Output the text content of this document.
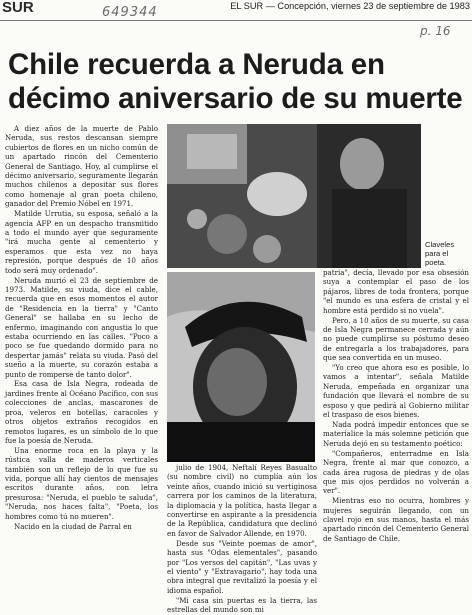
SUR	649344	EL SUR — Concepción, viernes 23 de septiembre de 1983
p. 16
Chile recuerda a Neruda en décimo aniversario de su muerte

A diez años de la muerte de Pablo Neruda, sus restos descansan siempre cubiertos de flores en un nicho común de un apartado rincón del Cementerio General de Santiago. Hoy, al cumplirse el décimo aniversario, seguramente llegarán muchos chilenos a depositar sus flores como homenaje al gran poeta chileno, ganador del Premio Nóbel en 1971.

Matilde Urrutia, su esposa, señaló a la agencia AFP en un despacho transmitido a todo el mundo ayer que seguramente "irá mucha gente al cementerio y esperamos que esta vez no haya represión, porque después de 10 años todo será muy ordenado".

Neruda murió el 23 de septiembre de 1973. Matilde, su viuda, dice el cable, recuerda que en esos momentos el autor de "Residencia en la tierra" y "Canto General" se hallaba en su lecho de enfermo, imaginando con angustia lo que estaba ocurriendo en las calles. "Poco a poco se fue quedando dormido para no despertar jamás" relata su viuda. Pasó del sueño a la muerte, su corazón estaba a punto de romperse de tanto dolor".

Esa casa de Isla Negra, rodeada de jardines frente al Océano Pacífico, con sus colecciones de anclas, mascarones de proa, veleros en botellas, caracoles y otros objetos extraños recogidos en remotos lugares, es un símbolo de lo que fue la poesía de Neruda.

Una enorme roca en la playa y la rústica valla de maderos verticales también son un reflejo de lo que fue su vida, porque allí hay cientos de mensajes escritos durante años, con letra presurosa: "Neruda, el pueblo te saluda", "Neruda, nos haces falta", "Poeta, los hombres como tú no mueren".

Nacido en la ciudad de Parral en

Claveles para el poeta.

julio de 1904, Neftalí Reyes Basualto (su nombre civil) no cumplía aún los veinte años, cuando inició su vertiginosa carrera por los caminos de la literatura, la diplomacia y la política, hasta llegar a convertirse en aspirante a la presidencia de la República, candidatura que declinó en favor de Salvador Allende, en 1970.

Desde sus "Veinte poemas de amor", hasta sus "Odas elementales", pasando por "Los versos del capitán", "Las uvas y el viento" y "Extravagario", hay toda una obra integral que revitalizó la poesía y el idioma español.

"Mi casa sin puertas es la tierra, las estrellas del mundo son mi

patria", decía, llevado por esa obsesión suya a contemplar el paso de los pájaros, libres de toda frontera, porque "el mundo es una esfera de cristal y el hombre está perdido si no vuela".

Pero, a 10 años de su muerte, su casa de Isla Negra permanece cerrada y aún no puede cumplirse su póstumo deseo de entregarla a los trabajadores, para que sea convertida en un museo.

"Yo creo que ahora eso es posible, lo vamos a intentar", señala Matilde Neruda, empeñada en organizar una fundación que llevará el nombre de su esposo y que pedirá al Gobierno militar el traspaso de esos bienes.

Nada podrá impedir entonces que se materialice la más solemne petición que Neruda dejó en su testamento poético:

"Compañeros, enterradme en Isla Negra, frente al mar que conozco, a cada área rugosa de piedras y de olas que mis ojos perdidos no volverán a ver".

Mientras eso no ocurra, hombres y mujeres seguirán llegando, con un clavel rojo en sus manos, hasta el más apartado rincón del Cementerio General de Santiago de Chile.
